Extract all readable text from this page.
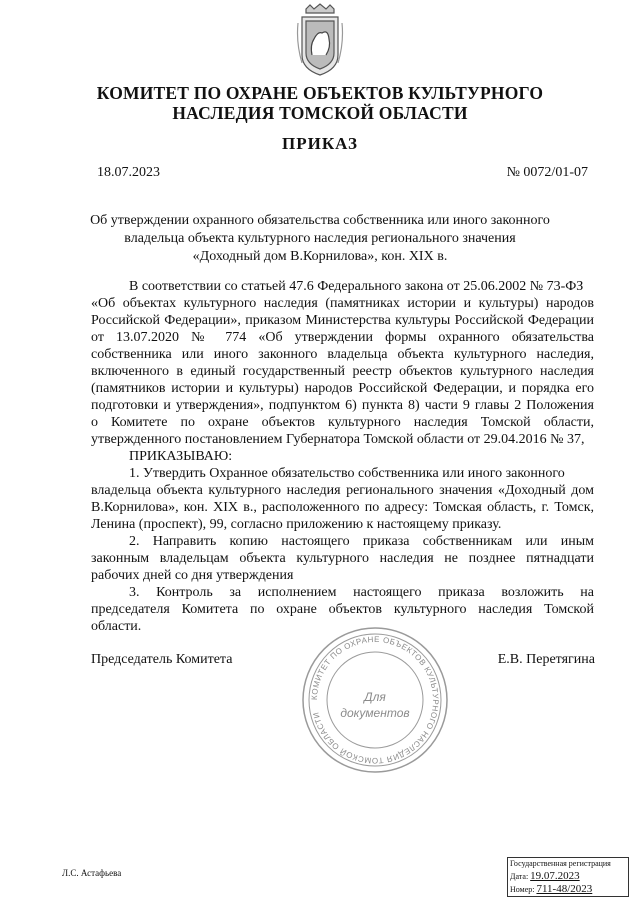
КОМИТЕТ ПО ОХРАНЕ ОБЪЕКТОВ КУЛЬТУРНОГО
НАСЛЕДИЯ ТОМСКОЙ ОБЛАСТИ
ПРИКАЗ
18.07.2023	№ 0072/01-07
Об утверждении охранного обязательства собственника или иного законного
владельца объекта культурного наследия регионального значения
«Доходный дом В.Корнилова», кон. XIX в.
В соответствии со статьей 47.6 Федерального закона от 25.06.2002 № 73-ФЗ
«Об объектах культурного наследия (памятниках истории и культуры) народов
Российской Федерации», приказом Министерства культуры Российской Федерации
от 13.07.2020 № 774 «Об утверждении формы охранного обязательства
собственника или иного законного владельца объекта культурного наследия,
включенного в единый государственный реестр объектов культурного наследия
(памятников истории и культуры) народов Российской Федерации, и порядка его
подготовки и утверждения», подпунктом 6) пункта 8) части 9 главы 2 Положения
о Комитете по охране объектов культурного наследия Томской области,
утвержденного постановлением Губернатора Томской области от 29.04.2016 № 37,
ПРИКАЗЫВАЮ:
1. Утвердить Охранное обязательство собственника или иного законного
владельца объекта культурного наследия регионального значения «Доходный дом
В.Корнилова», кон. XIX в., расположенного по адресу: Томская область, г. Томск,
Ленина (проспект), 99, согласно приложению к настоящему приказу.
2. Направить копию настоящего приказа собственникам или иным
законным владельцам объекта культурного наследия не позднее пятнадцати
рабочих дней со дня утверждения
3. Контроль за исполнением настоящего приказа возложить на
председателя Комитета по охране объектов культурного наследия Томской
области.
КОМИТЕТ ПО ОХРАНЕ ОБЪЕКТОВ КУЛЬТУРНОГО НАСЛЕДИЯ ТОМСКОЙ ОБЛАСТИ
Для
документов
Председатель Комитета	Е.В. Перетягина
Л.С. Астафьева
Государственная регистрация
Дата: 19.07.2023
Номер: 711-48/2023
